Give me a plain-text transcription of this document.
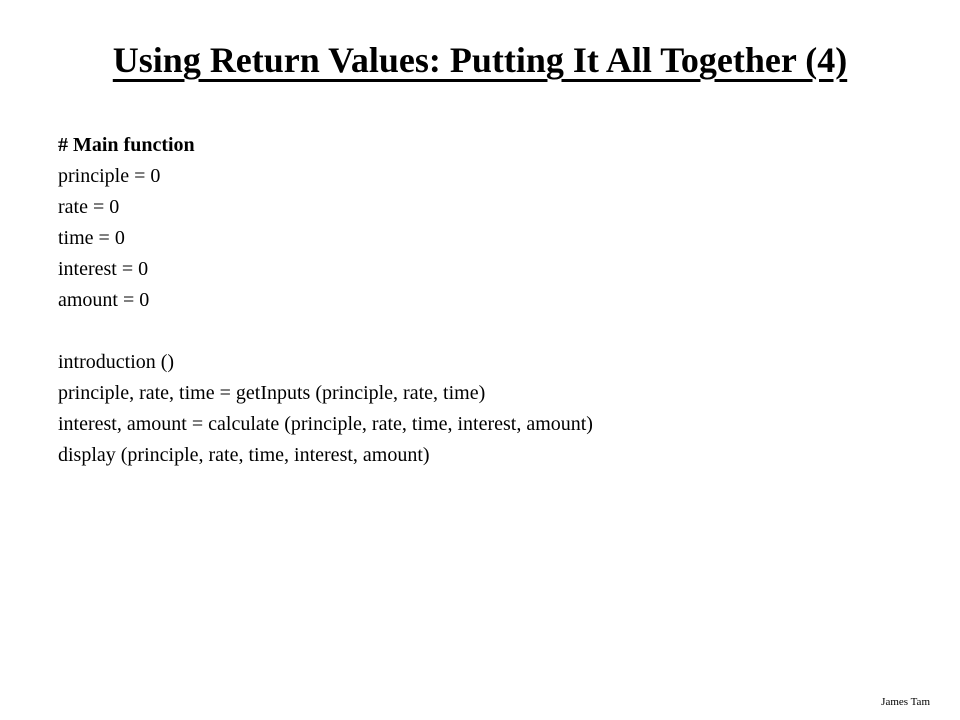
Using Return Values: Putting It All Together (4)
# Main function
principle = 0
rate = 0
time = 0
interest = 0
amount = 0
introduction ()
principle, rate, time = getInputs (principle, rate, time)
interest, amount = calculate (principle, rate, time, interest, amount)
display (principle, rate, time, interest, amount)
James Tam
